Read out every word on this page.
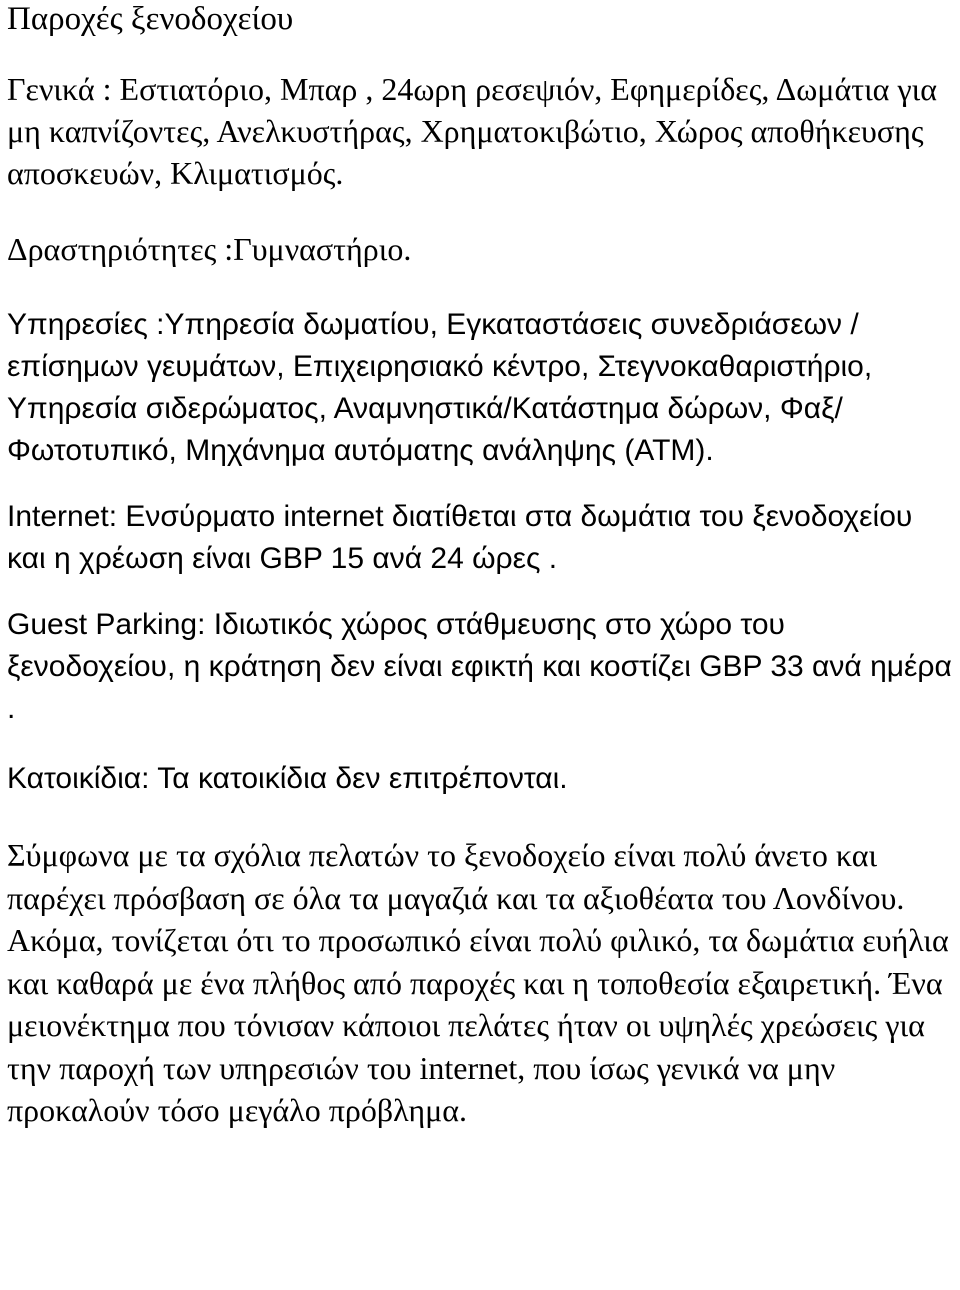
Παροχές ξενοδοχείου

Γενικά : Εστιατόριο, Μπαρ , 24ωρη ρεσεψιόν, Εφημερίδες, Δωμάτια για μη καπνίζοντες, Ανελκυστήρας, Χρηματοκιβώτιο, Χώρος αποθήκευσης αποσκευών, Κλιματισμός.

Δραστηριότητες :Γυμναστήριο.

Υπηρεσίες :Υπηρεσία δωματίου, Εγκαταστάσεις συνεδριάσεων / επίσημων γευμάτων, Επιχειρησιακό κέντρο, Στεγνοκαθαριστήριο, Υπηρεσία σιδερώματος, Αναμνηστικά/Κατάστημα δώρων, Φαξ/Φωτοτυπικό, Μηχάνημα αυτόματης ανάληψης (ATM).

Internet: Ενσύρματο internet διατίθεται στα δωμάτια του ξενοδοχείου και η χρέωση είναι GBP 15 ανά 24 ώρες .

Guest Parking: Ιδιωτικός χώρος στάθμευσης στο χώρο του ξενοδοχείου, η κράτηση δεν είναι εφικτή και κοστίζει GBP 33 ανά ημέρα .

Κατοικίδια: Τα κατοικίδια δεν επιτρέπονται.

Σύμφωνα με τα σχόλια πελατών το ξενοδοχείο είναι πολύ άνετο και παρέχει πρόσβαση σε όλα τα μαγαζιά και τα αξιοθέατα του Λονδίνου. Ακόμα, τονίζεται ότι το προσωπικό είναι πολύ φιλικό, τα δωμάτια ευήλια και καθαρά με ένα πλήθος από παροχές και η τοποθεσία εξαιρετική. Ένα μειονέκτημα που τόνισαν κάποιοι πελάτες ήταν οι υψηλές χρεώσεις για την παροχή των υπηρεσιών του internet, που ίσως γενικά να μην προκαλούν τόσο μεγάλο πρόβλημα.
